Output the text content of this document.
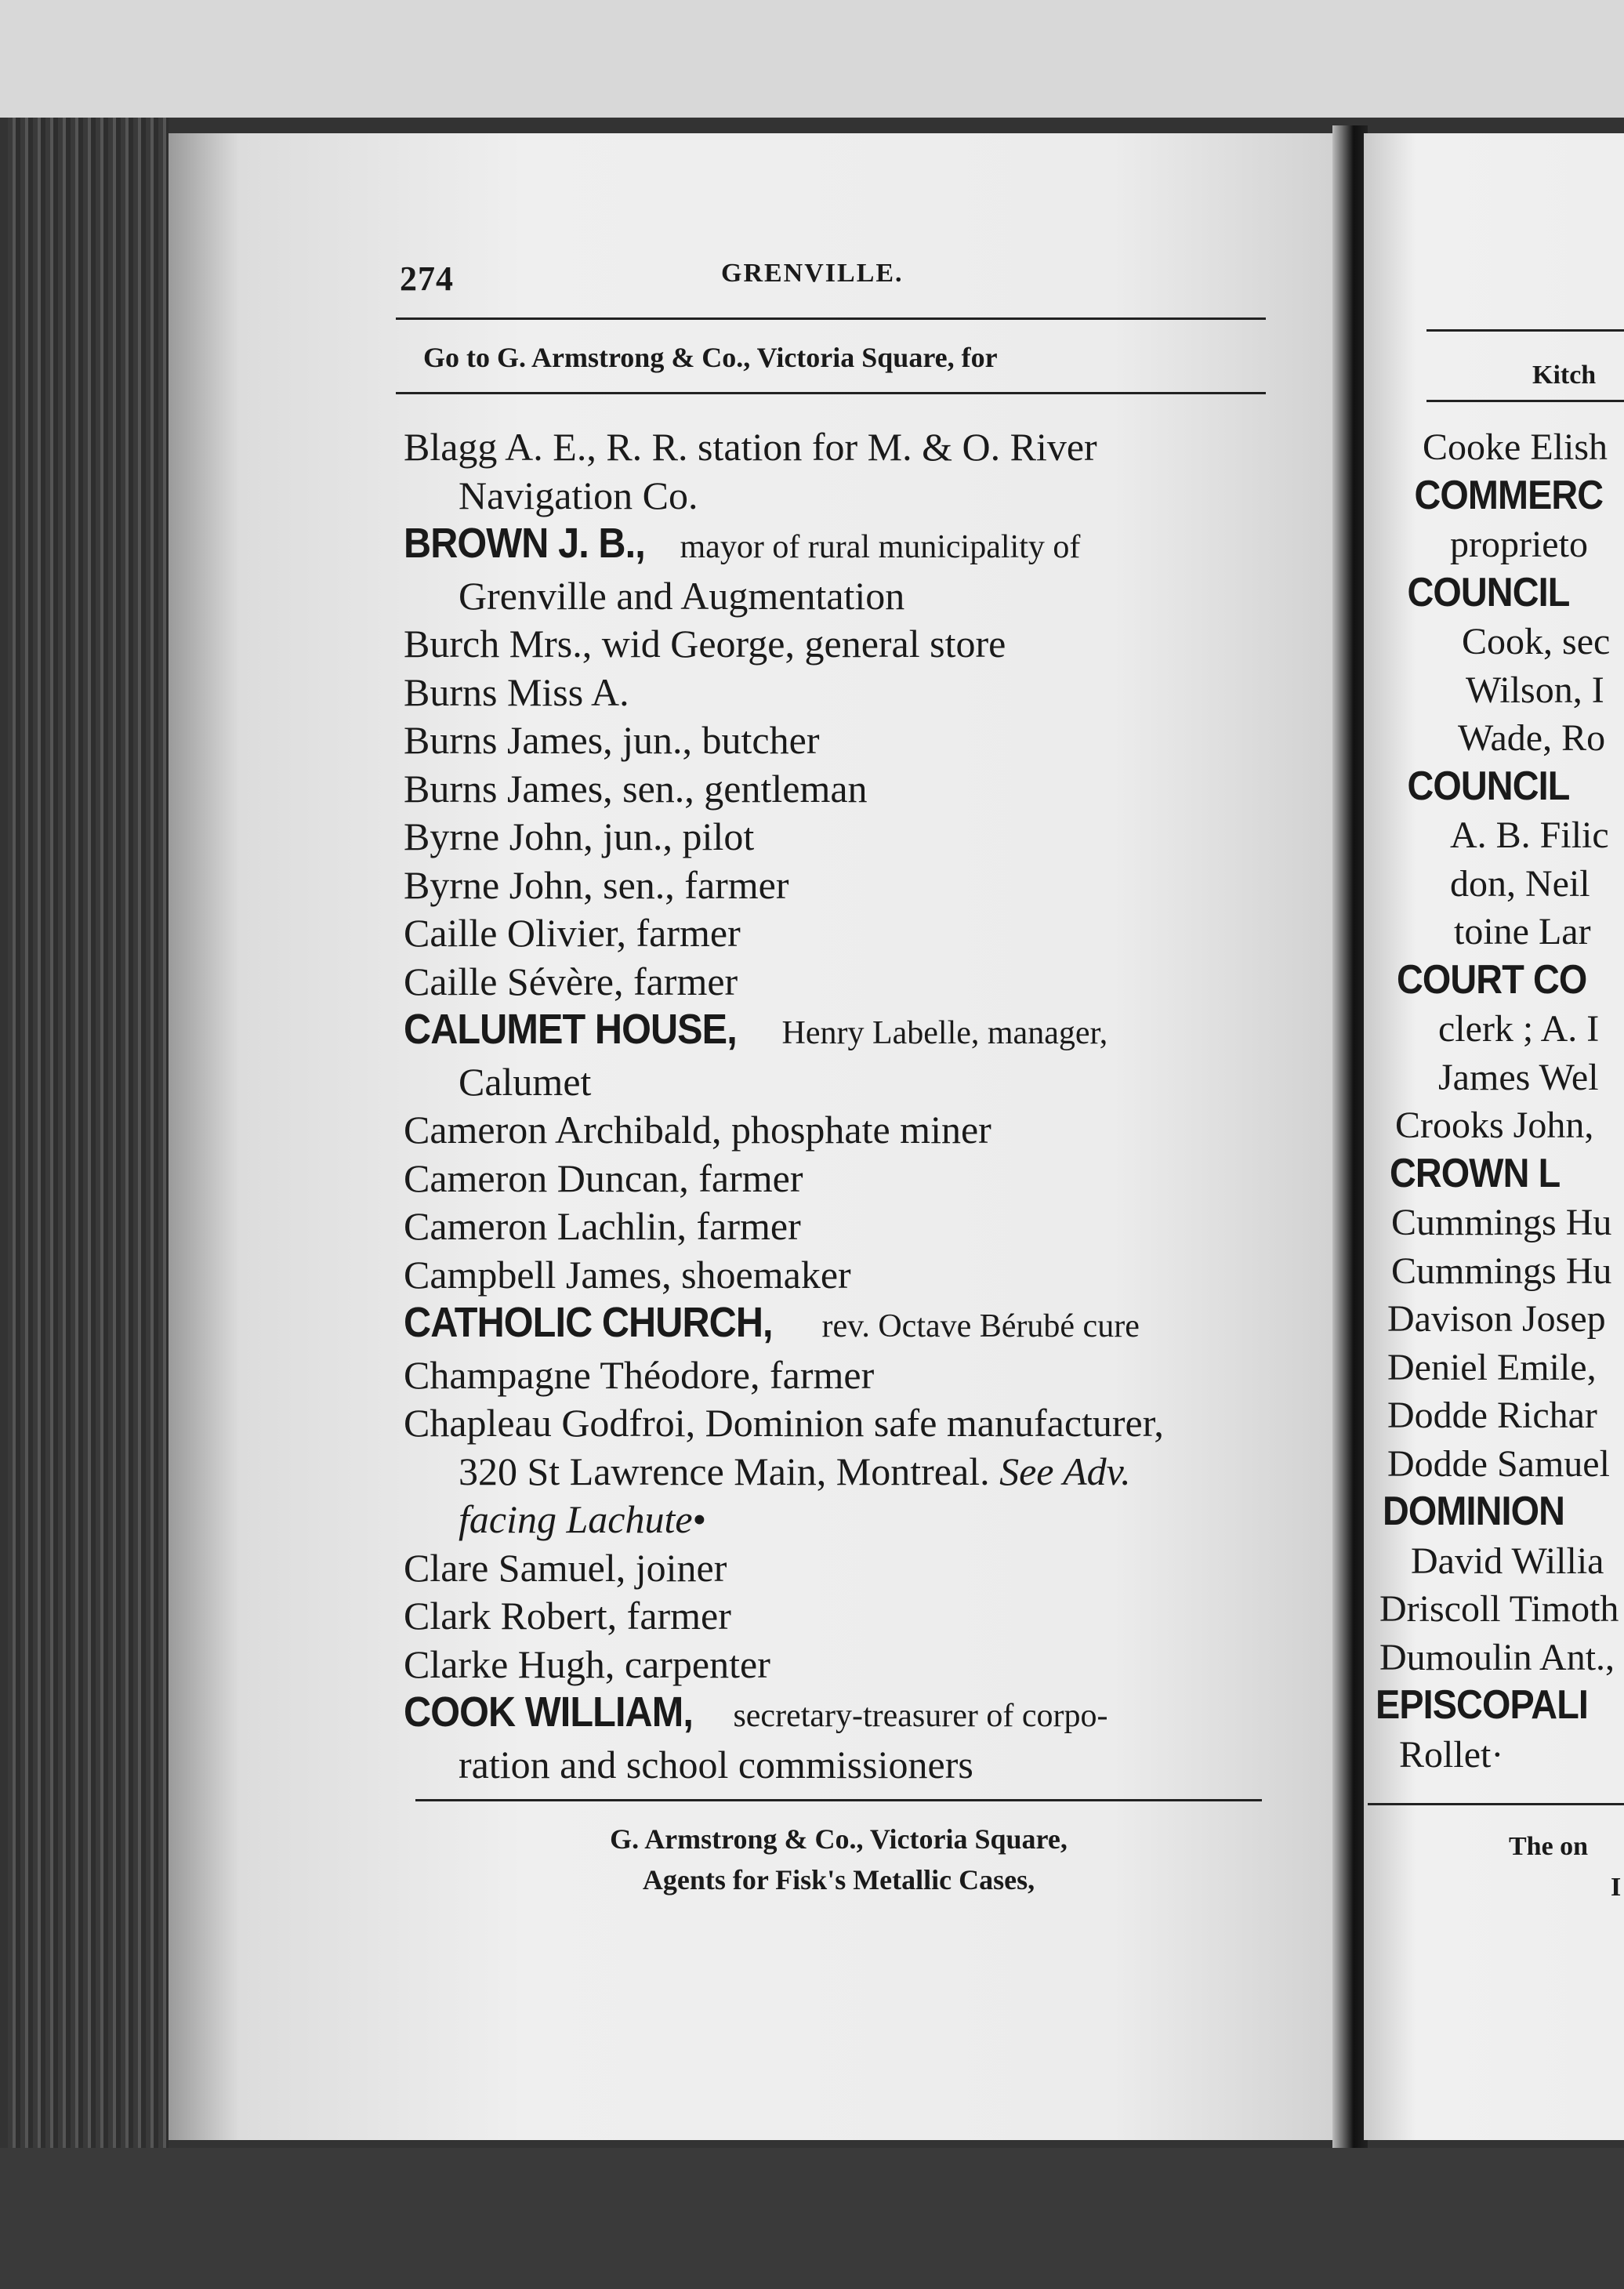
274	GRENVILLE.
Go to G. Armstrong & Co., Victoria Square, for
Blagg A. E., R. R. station for M. & O. River
Navigation Co.
BROWN J. B., mayor of rural municipality of
Grenville and Augmentation
Burch Mrs., wid George, general store
Burns Miss A.
Burns James, jun., butcher
Burns James, sen., gentleman
Byrne John, jun., pilot
Byrne John, sen., farmer
Caille Olivier, farmer
Caille Sévère, farmer
CALUMET HOUSE, Henry Labelle, manager,
Calumet
Cameron Archibald, phosphate miner
Cameron Duncan, farmer
Cameron Lachlin, farmer
Campbell James, shoemaker
CATHOLIC CHURCH, rev. Octave Bérubé cure
Champagne Théodore, farmer
Chapleau Godfroi, Dominion safe manufacturer,
320 St Lawrence Main, Montreal. See Adv.
facing Lachute•
Clare Samuel, joiner
Clark Robert, farmer
Clarke Hugh, carpenter
COOK WILLIAM, secretary-treasurer of corpo-
ration and school commissioners
G. Armstrong & Co., Victoria Square,
Agents for Fisk's Metallic Cases,
Kitch
Cooke Elish
COMMERC
proprieto
COUNCIL
Cook, sec
Wilson, I
Wade, Ro
COUNCIL
A. B. Filic
don, Neil
toine Lar
COURT CO
clerk ; A. I
James Wel
Crooks John,
CROWN L
Cummings Hu
Cummings Hu
Davison Josep
Deniel Emile,
Dodde Richar
Dodde Samuel
DOMINION
David Willia
Driscoll Timoth
Dumoulin Ant.,
EPISCOPALI
Rollet·
The on
I
